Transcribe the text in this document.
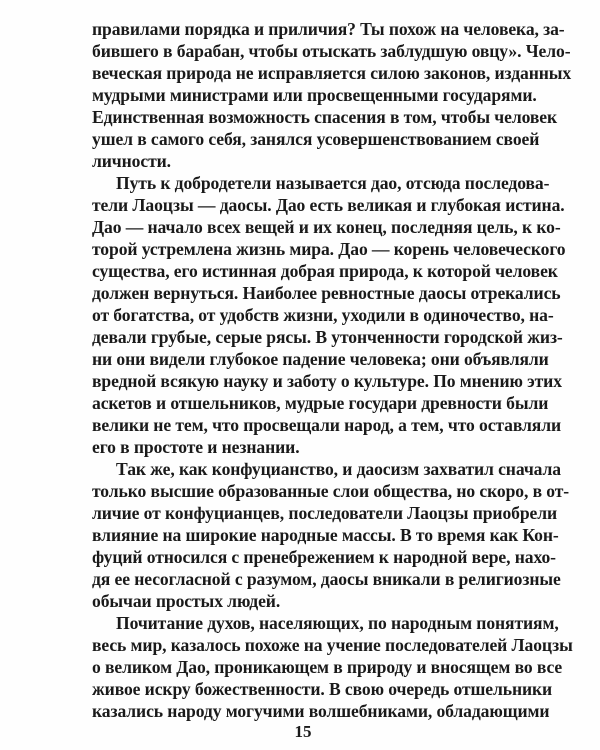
правилами порядка и приличия? Ты похож на человека, за-
бившего в барабан, чтобы отыскать заблудшую овцу». Чело-
веческая природа не исправляется силою законов, изданных
мудрыми министрами или просвещенными государями.
Единственная возможность спасения в том, чтобы человек
ушел в самого себя, занялся усовершенствованием своей
личности.
Путь к добродетели называется дао, отсюда последова-
тели Лаоцзы — даосы. Дао есть великая и глубокая истина.
Дао — начало всех вещей и их конец, последняя цель, к ко-
торой устремлена жизнь мира. Дао — корень человеческого
существа, его истинная добрая природа, к которой человек
должен вернуться. Наиболее ревностные даосы отрекались
от богатства, от удобств жизни, уходили в одиночество, на-
девали грубые, серые рясы. В утонченности городской жиз-
ни они видели глубокое падение человека; они объявляли
вредной всякую науку и заботу о культуре. По мнению этих
аскетов и отшельников, мудрые государи древности были
велики не тем, что просвещали народ, а тем, что оставляли
его в простоте и незнании.
Так же, как конфуцианство, и даосизм захватил сначала
только высшие образованные слои общества, но скоро, в от-
личие от конфуцианцев, последователи Лаоцзы приобрели
влияние на широкие народные массы. В то время как Кон-
фуций относился с пренебрежением к народной вере, нахо-
дя ее несогласной с разумом, даосы вникали в религиозные
обычаи простых людей.
Почитание духов, населяющих, по народным понятиям,
весь мир, казалось похоже на учение последователей Лаоцзы
о великом Дао, проникающем в природу и вносящем во все
живое искру божественности. В свою очередь отшельники
казались народу могучими волшебниками, обладающими
15
